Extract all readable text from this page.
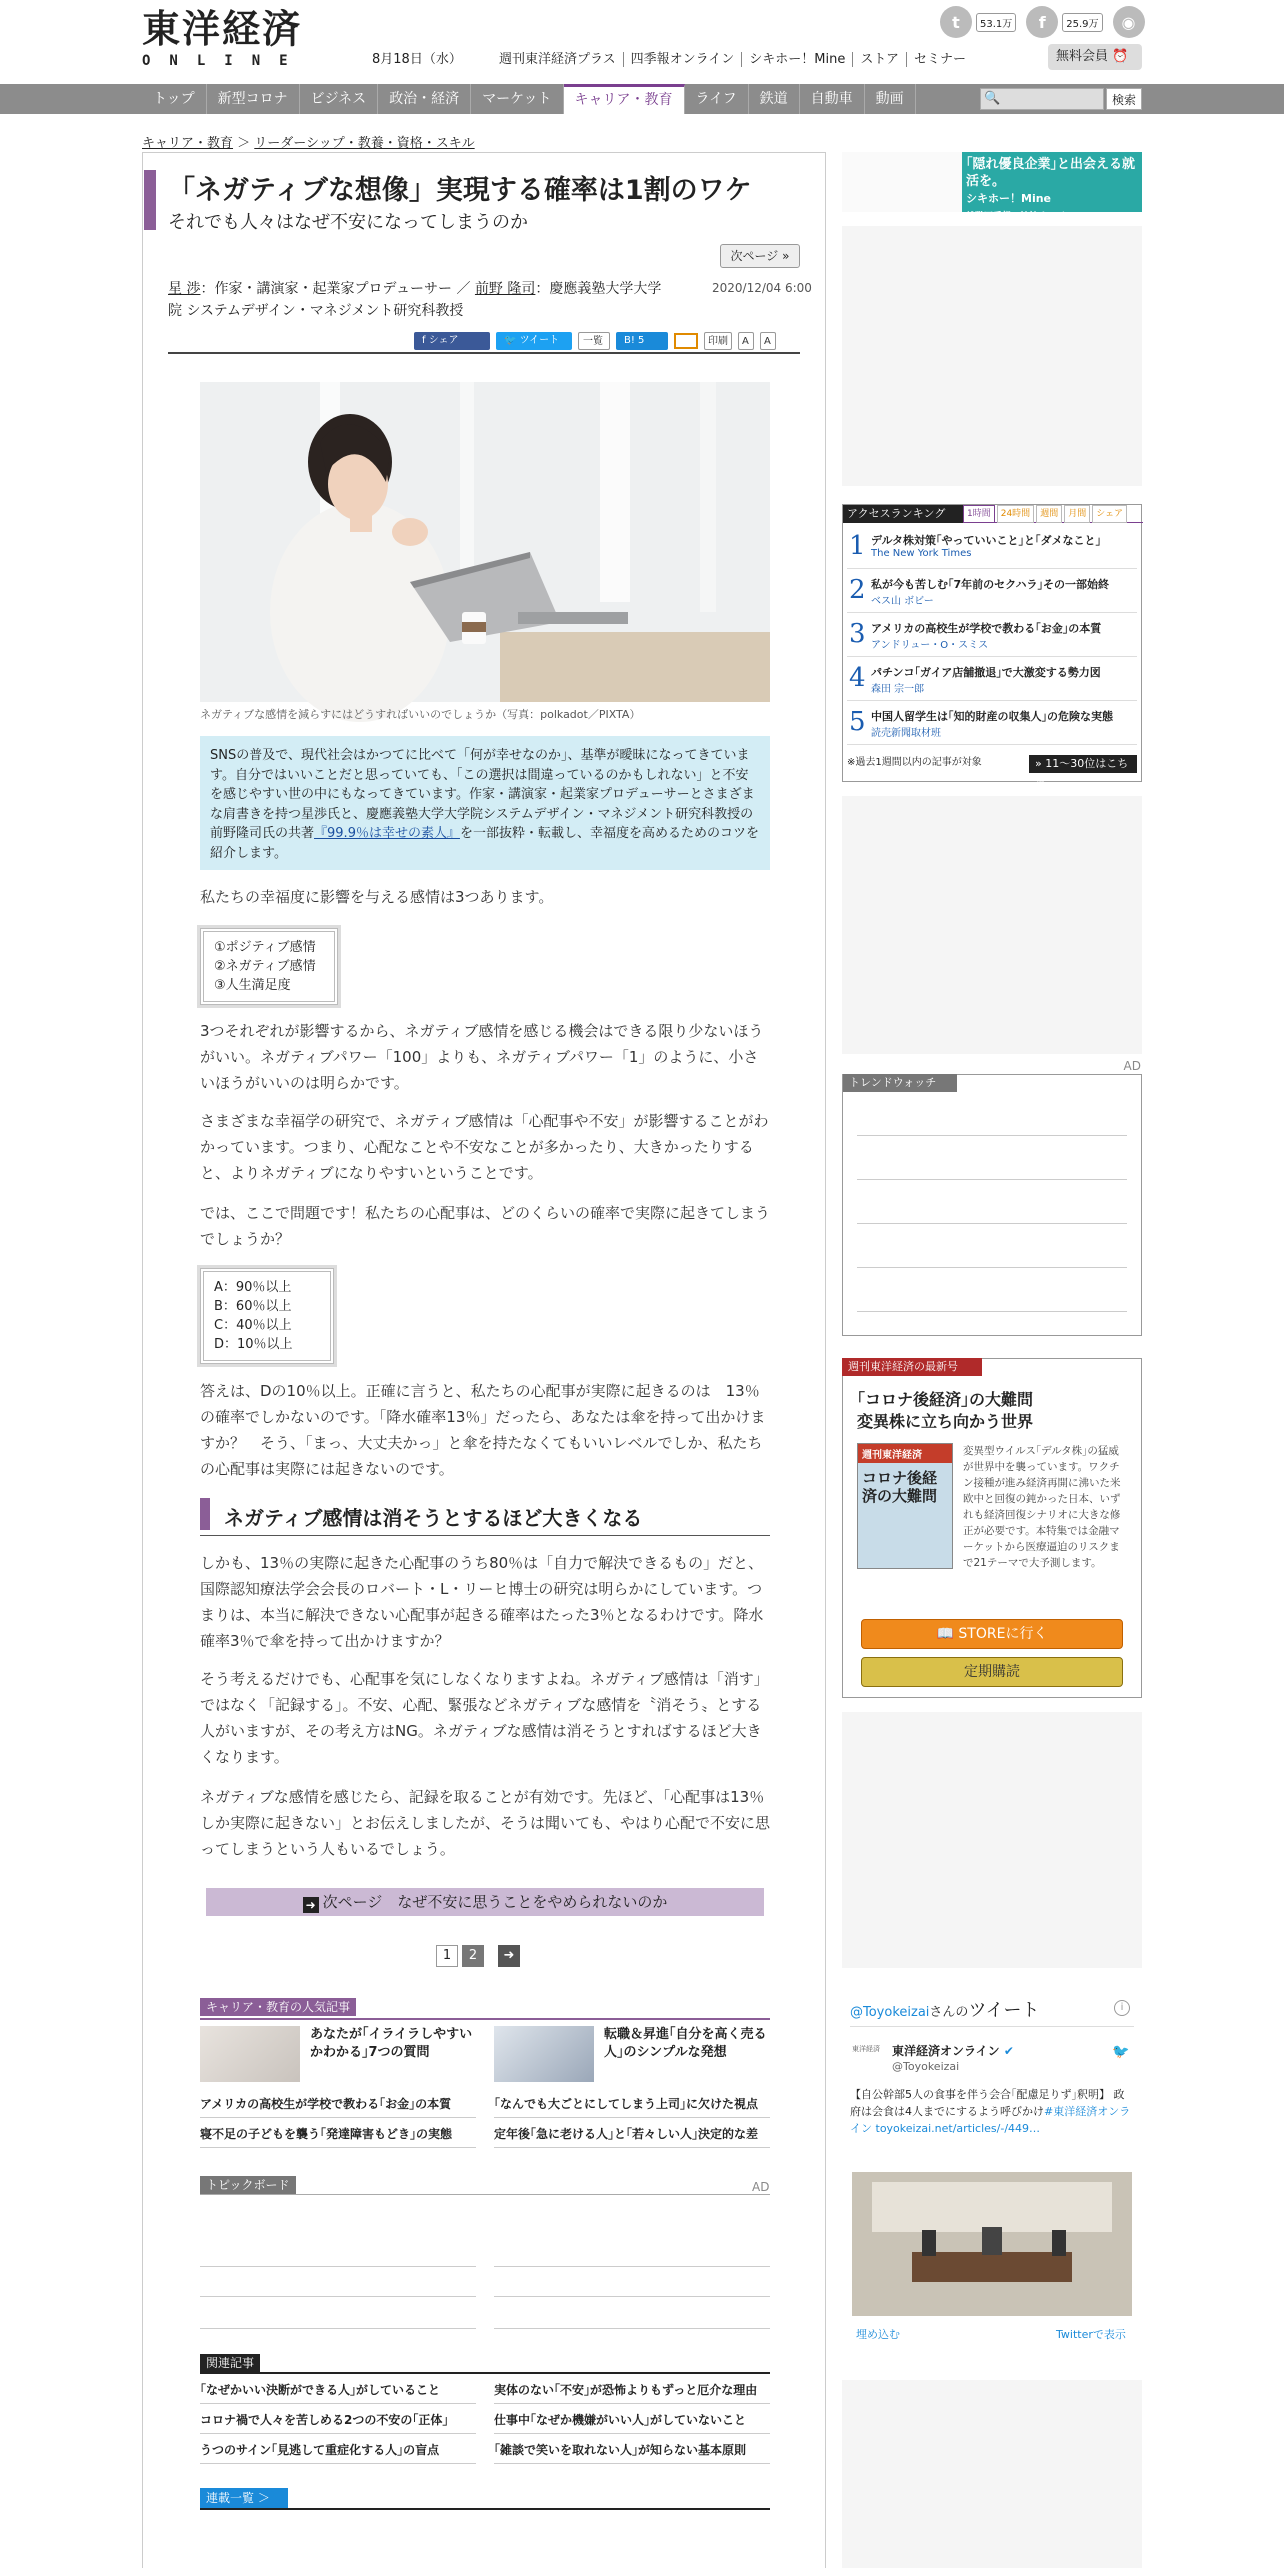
東洋経済
ONLINE	8月18日（水）	週刊東洋経済プラス 四季報オンライン シキホー！Mine ストア セミナー	無料会員 ⏰
t	53.1万	f	25.9万	◉
トップ	新型コロナ	ビジネス	政治・経済	マーケット	キャリア・教育	ライフ	鉄道	自動車	動画	🔍	検索
キャリア・教育 ＞ リーダーシップ・教養・資格・スキル
「ネガティブな想像」実現する確率は1割のワケ
それでも人々はなぜ不安になってしまうのか
次ページ »
星 渉：作家・講演家・起業家プロデューサー ／ 前野 隆司：慶應義塾大学大学院 システムデザイン・マネジメント研究科教授
2020/12/04 6:00
f シェア	🐦 ツイート	一覧	B! 5	印刷	A	A
ネガティブな感情を減らすにはどうすればいいのでしょうか（写真：polkadot／PIXTA）
SNSの普及で、現代社会はかつてに比べて「何が幸せなのか」、基準が曖昧になってきています。自分ではいいことだと思っていても、「この選択は間違っているのかもしれない」と不安を感じやすい世の中にもなってきています。作家・講演家・起業家プロデューサーとさまざまな肩書きを持つ星渉氏と、慶應義塾大学大学院システムデザイン・マネジメント研究科教授の前野隆司氏の共著『99.9％は幸せの素人』を一部抜粋・転載し、幸福度を高めるためのコツを紹介します。
私たちの幸福度に影響を与える感情は3つあります。
①ポジティブ感情
②ネガティブ感情
③人生満足度
3つそれぞれが影響するから、ネガティブ感情を感じる機会はできる限り少ないほうがいい。ネガティブパワー「100」よりも、ネガティブパワー「1」のように、小さいほうがいいのは明らかです。
さまざまな幸福学の研究で、ネガティブ感情は「心配事や不安」が影響することがわかっています。つまり、心配なことや不安なことが多かったり、大きかったりすると、よりネガティブになりやすいということです。
では、ここで問題です！私たちの心配事は、どのくらいの確率で実際に起きてしまうでしょうか？
A：90％以上
B：60％以上
C：40％以上
D：10％以上
答えは、Dの10％以上。正確に言うと、私たちの心配事が実際に起きるのは　13％の確率でしかないのです。「降水確率13％」だったら、あなたは傘を持って出かけますか？　そう、「まっ、大丈夫かっ」と傘を持たなくてもいいレベルでしか、私たちの心配事は実際には起きないのです。
ネガティブ感情は消そうとするほど大きくなる
しかも、13％の実際に起きた心配事のうち80％は「自力で解決できるもの」だと、国際認知療法学会会長のロバート・L・リーヒ博士の研究は明らかにしています。つまりは、本当に解決できない心配事が起きる確率はたった3％となるわけです。降水確率3％で傘を持って出かけますか？
そう考えるだけでも、心配事を気にしなくなりますよね。ネガティブ感情は「消す」ではなく「記録する」。不安、心配、緊張などネガティブな感情を〝消そう〟とする人がいますが、その考え方はNG。ネガティブな感情は消そうとすればするほど大きくなります。
ネガティブな感情を感じたら、記録を取ることが有効です。先ほど、「心配事は13％しか実際に起きない」とお伝えしましたが、そうは聞いても、やはり心配で不安に思ってしまうという人もいるでしょう。
➜ 次ページ　なぜ不安に思うことをやめられないのか
1	2	➜
キャリア・教育の人気記事
あなたが｢イライラしやすいかわかる｣7つの質問
転職＆昇進｢自分を高く売る人｣のシンプルな発想
アメリカの高校生が学校で教わる｢お金｣の本質	｢なんでも大ごとにしてしまう上司｣に欠けた視点
寝不足の子どもを襲う｢発達障害もどき｣の実態	定年後｢急に老ける人｣と｢若々しい人｣決定的な差
トピックボード	AD
関連記事
｢なぜかいい決断ができる人｣がしていること	実体のない｢不安｣が恐怖よりもずっと厄介な理由
コロナ禍で人々を苦しめる2つの不安の｢正体｣	仕事中｢なぜか機嫌がいい人｣がしていないこと
うつのサイン｢見逃して重症化する人｣の盲点	｢雑談で笑いを取れない人｣が知らない基本原則
連載一覧 ＞
｢隠れ優良企業｣と出会える就活を。
シキホー！Mine
就職四季報の姉妹サービス
アクセスランキング	1時間	24時間	週間	月間	シェア
1 デルタ株対策｢やっていいこと｣と｢ダメなこと｣
The New York Times
2 私が今も苦しむ｢7年前のセクハラ｣その一部始終
ベス山 ボビー
3 アメリカの高校生が学校で教わる｢お金｣の本質
アンドリュー・O・スミス
4 パチンコ｢ガイア店舗撤退｣で大激変する勢力図
森田 宗一郎
5 中国人留学生は｢知的財産の収集人｣の危険な実態
読売新聞取材班
※過去1週間以内の記事が対象	» 11～30位はこちら
トレンドウォッチ
AD
週刊東洋経済の最新号
｢コロナ後経済｣の大難問
変異株に立ち向かう世界
週刊東洋経済
コロナ後経済の大難問
変異型ウイルス｢デルタ株｣の猛威が世界中を襲っています。ワクチン接種が進み経済再開に沸いた米欧中と回復の鈍かった日本、いずれも経済回復シナリオに大きな修正が必要です。本特集では金融マーケットから医療逼迫のリスクまで21テーマで大予測します。
📖 STOREに行く
定期購読
@Toyokeizaiさんのツイート	i
東洋経済 東洋経済オンライン ✔
@Toyokeizai
🐦
【自公幹部5人の食事を伴う会合｢配慮足りず｣釈明】 政府は会食は4人までにするよう呼びかけ#東洋経済オンライン toyokeizai.net/articles/-/449…
埋め込む	Twitterで表示
